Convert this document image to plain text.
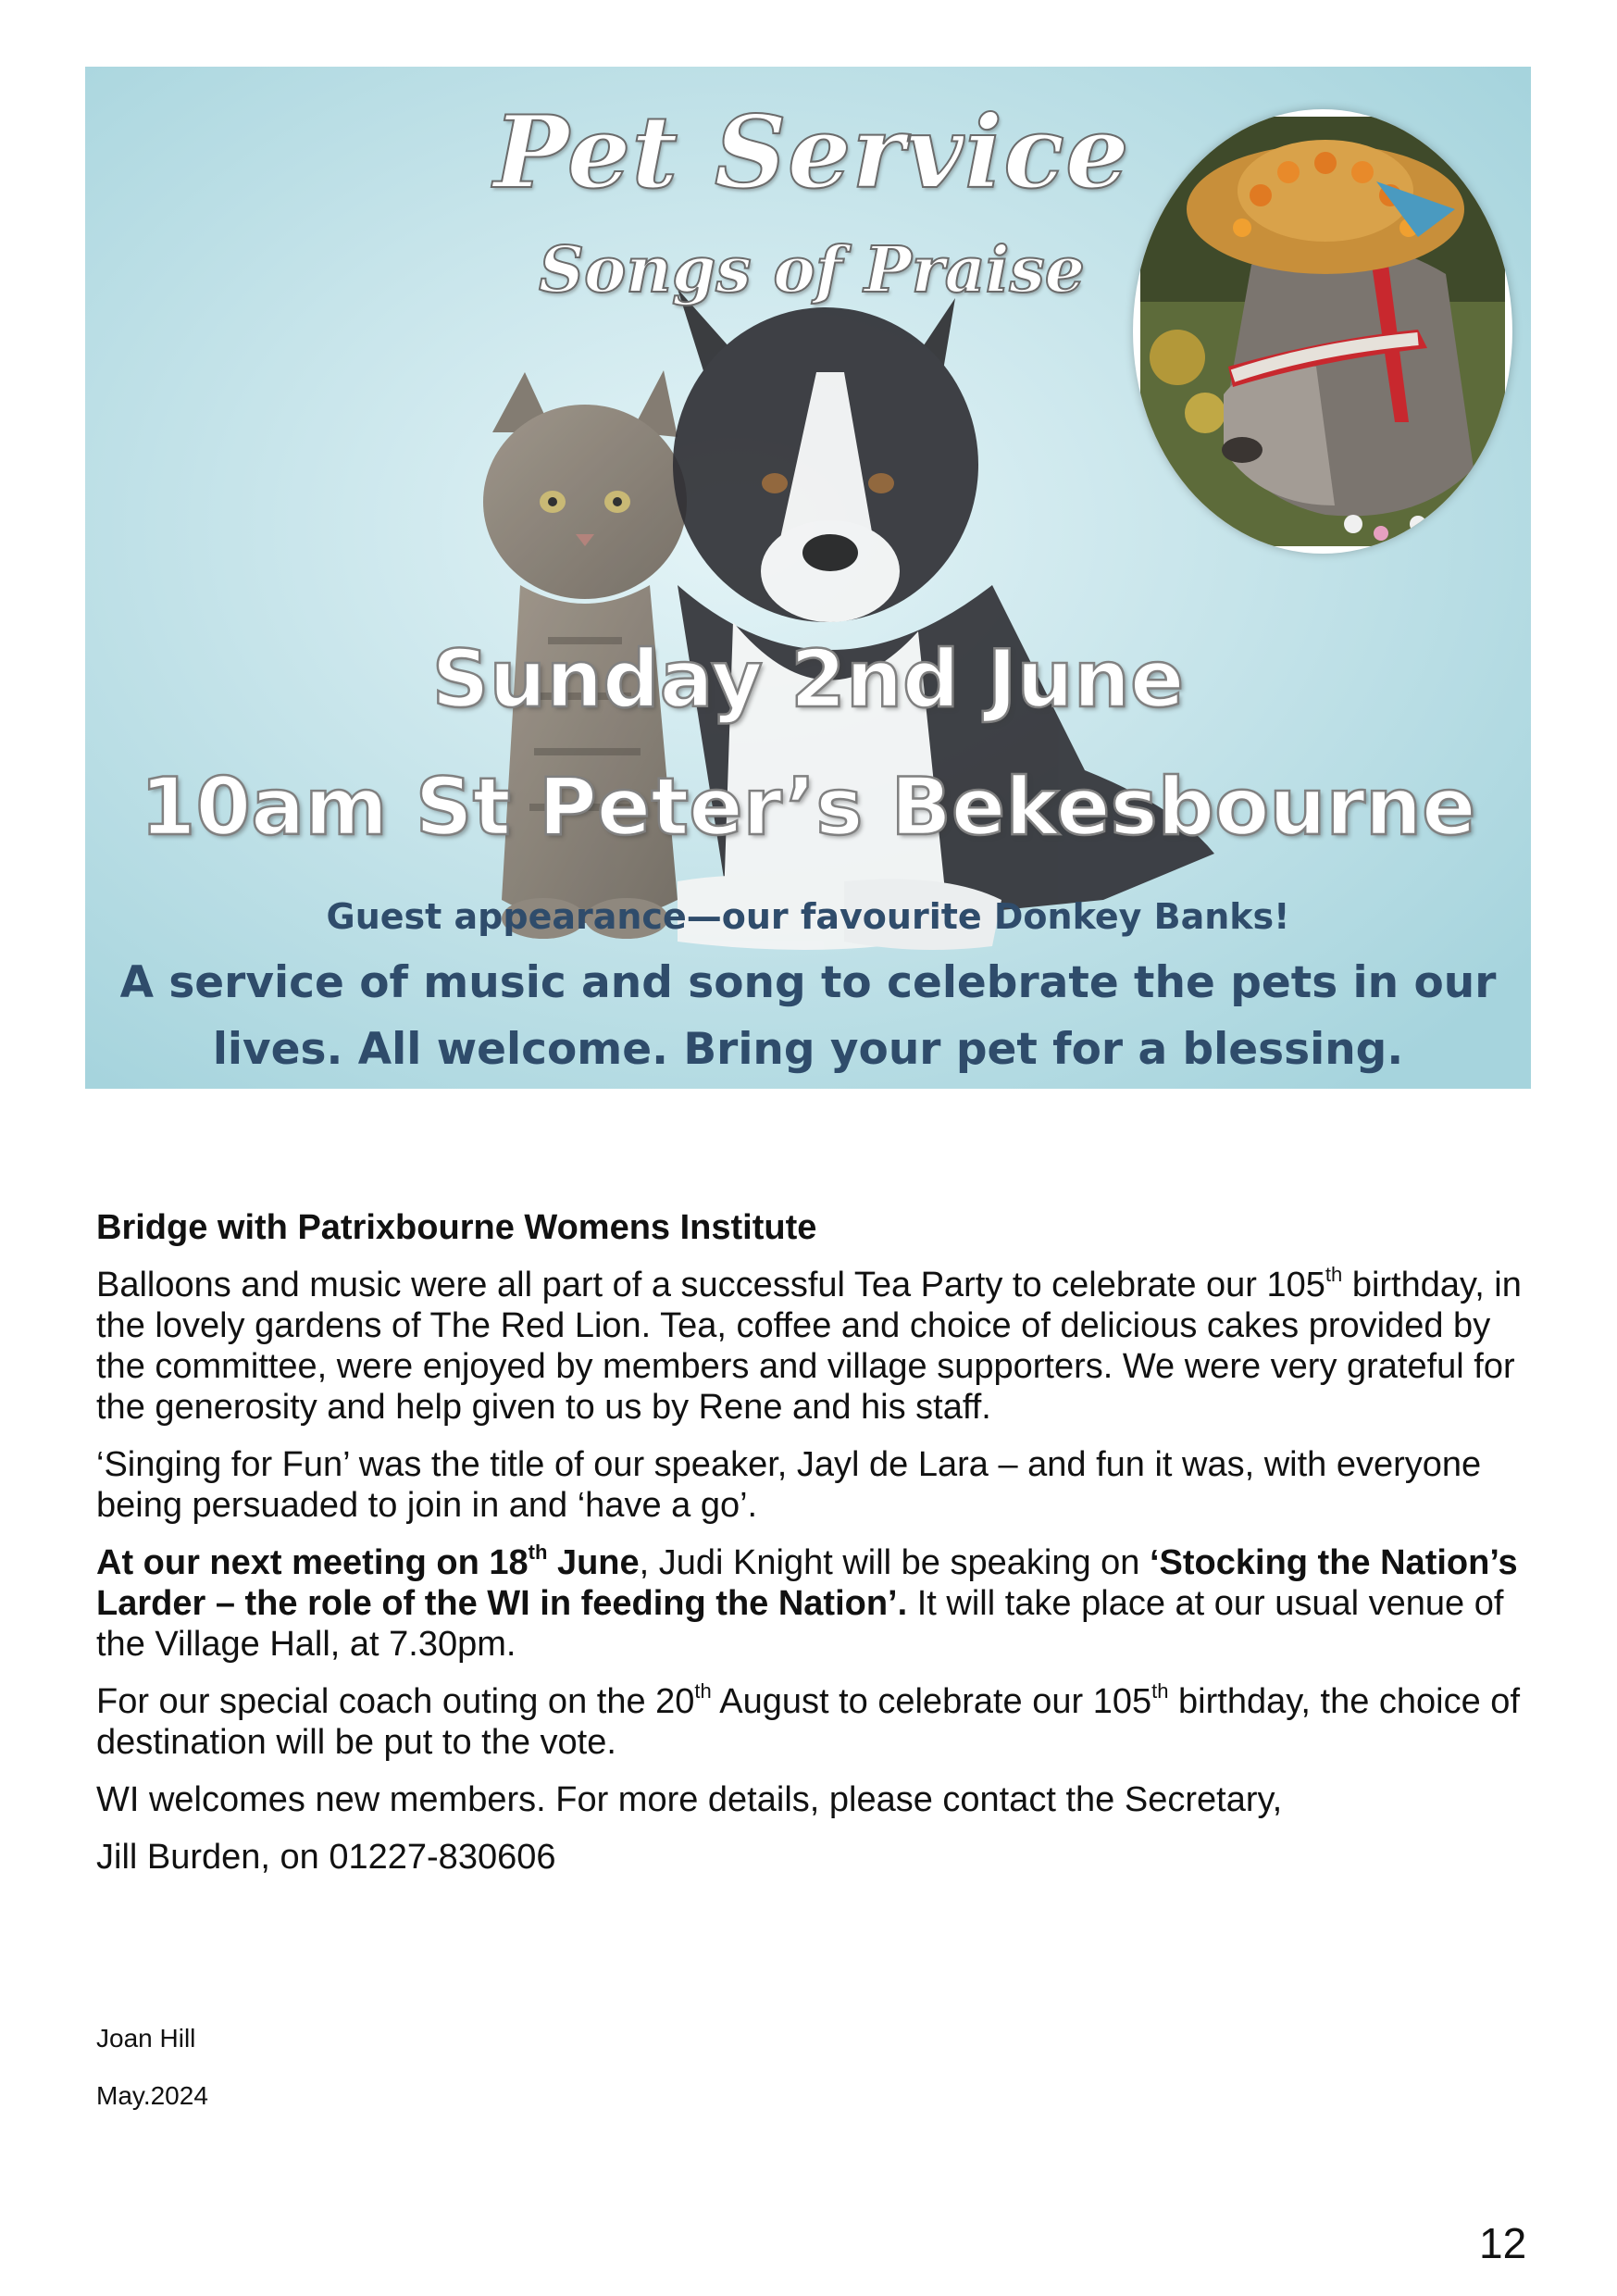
Pet Service
Songs of Praise
Sunday 2nd June
10am St Peter’s Bekesbourne
Guest appearance—our favourite Donkey Banks!
A service of music and song to celebrate the pets in our
lives. All welcome. Bring your pet for a blessing.

Bridge with Patrixbourne Womens Institute

Balloons and music were all part of a successful Tea Party to celebrate our 105th birthday, in the lovely gardens of The Red Lion. Tea, coffee and choice of delicious cakes provided by the committee, were enjoyed by members and village supporters. We were very grateful for the generosity and help given to us by Rene and his staff.

‘Singing for Fun’ was the title of our speaker, Jayl de Lara – and fun it was, with everyone being persuaded to join in and ‘have a go’.

At our next meeting on 18th June, Judi Knight will be speaking on ‘Stocking the Nation’s Larder – the role of the WI in feeding the Nation’. It will take place at our usual venue of the Village Hall, at 7.30pm.

For our special coach outing on the 20th August to celebrate our 105th birthday, the choice of destination will be put to the vote.

WI welcomes new members. For more details, please contact the Secretary,

Jill Burden, on 01227-830606

Joan Hill
May.2024
12
